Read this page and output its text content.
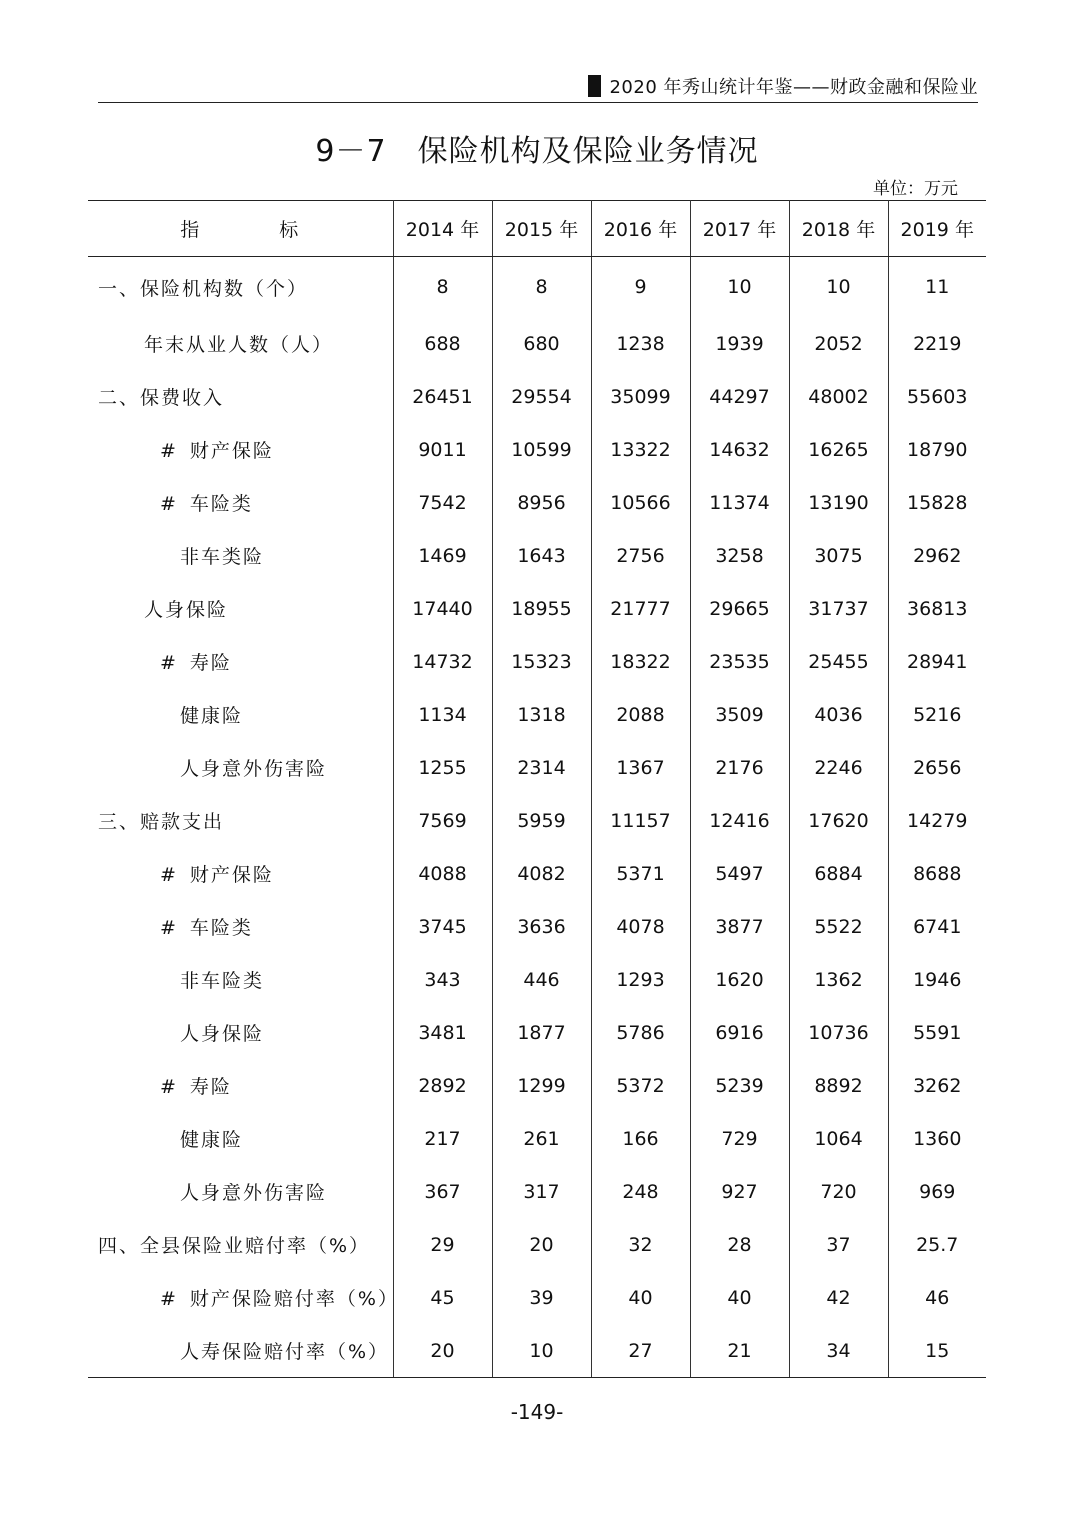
2020 年秀山统计年鉴——财政金融和保险业
9－7　保险机构及保险业务情况
单位：万元
指 标	2014 年	2015 年	2016 年	2017 年	2018 年	2019 年
一、保险机构数（个）	8	8	9	10	10	11
年末从业人数（人）	688	680	1238	1939	2052	2219
二、保费收入	26451	29554	35099	44297	48002	55603
# 财产保险	9011	10599	13322	14632	16265	18790
# 车险类	7542	8956	10566	11374	13190	15828
非车类险	1469	1643	2756	3258	3075	2962
人身保险	17440	18955	21777	29665	31737	36813
# 寿险	14732	15323	18322	23535	25455	28941
健康险	1134	1318	2088	3509	4036	5216
人身意外伤害险	1255	2314	1367	2176	2246	2656
三、赔款支出	7569	5959	11157	12416	17620	14279
# 财产保险	4088	4082	5371	5497	6884	8688
# 车险类	3745	3636	4078	3877	5522	6741
非车险类	343	446	1293	1620	1362	1946
人身保险	3481	1877	5786	6916	10736	5591
# 寿险	2892	1299	5372	5239	8892	3262
健康险	217	261	166	729	1064	1360
人身意外伤害险	367	317	248	927	720	969
四、全县保险业赔付率（%）	29	20	32	28	37	25.7
# 财产保险赔付率（%）	45	39	40	40	42	46
人寿保险赔付率（%）	20	10	27	21	34	15
-149-
